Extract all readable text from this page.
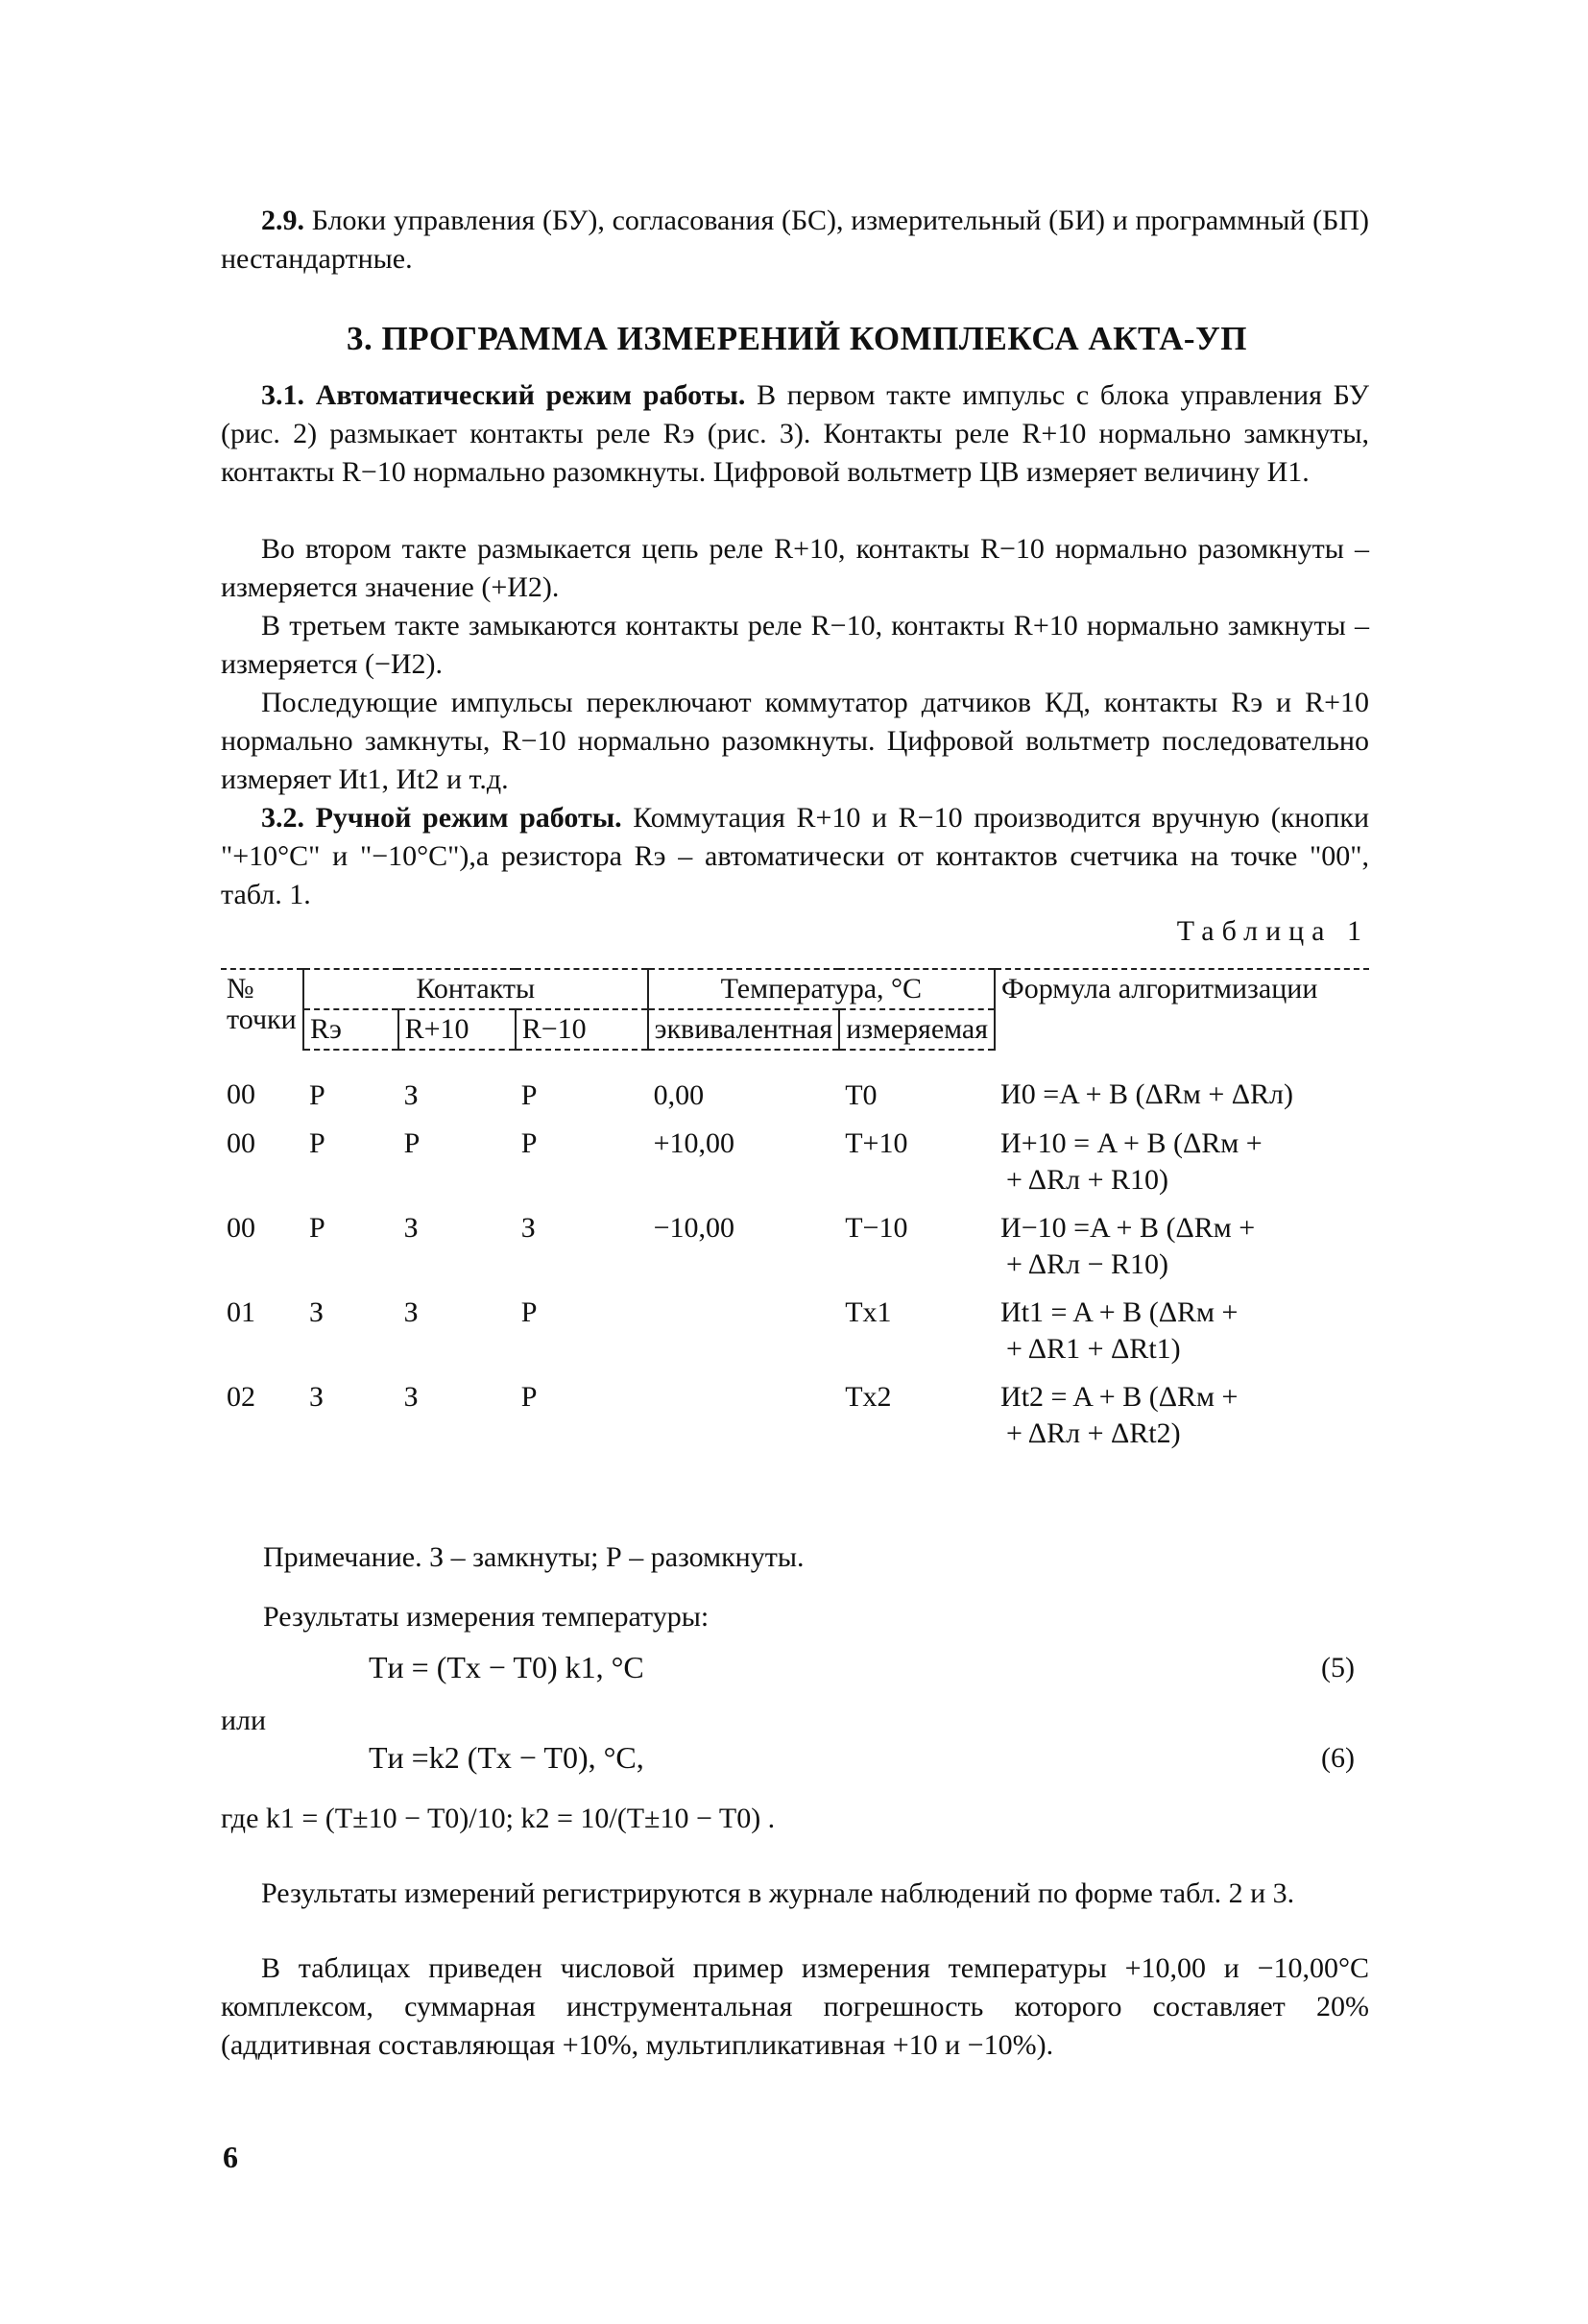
2.9. Блоки управления (БУ), согласования (БС), измерительный (БИ) и программный (БП) нестандартные.

3. ПРОГРАММА ИЗМЕРЕНИЙ КОМПЛЕКСА АКТА-УП

3.1. Автоматический режим работы. В первом такте импульс с блока управления БУ (рис. 2) размыкает контакты реле Rэ (рис. 3). Контакты реле R+10 нормально замкнуты, контакты R−10 нормально разомкнуты. Цифровой вольтметр ЦВ измеряет величину И1.

Во втором такте размыкается цепь реле R+10, контакты R−10 нормально разомкнуты – измеряется значение (+И2).

В третьем такте замыкаются контакты реле R−10, контакты R+10 нормально замкнуты – измеряется (−И2).

Последующие импульсы переключают коммутатор датчиков КД, контакты Rэ и R+10 нормально замкнуты, R−10 нормально разомкнуты. Цифровой вольтметр последовательно измеряет Иt1, Иt2 и т.д.

3.2. Ручной режим работы. Коммутация R+10 и R−10 производится вручную (кнопки "+10°C" и "−10°C"),а резистора Rэ – автоматически от контактов счетчика на точке "00", табл. 1.

Таблица 1
№ точки	Контакты			Температура, °C		Формула алгоритмизации
	Rэ	R+10	R−10	эквивалентная	измеряемая	
00	Р	З	Р	0,00	T0	И0 =A + B (ΔRм + ΔRл)

00	Р	Р	Р	+10,00	T+10	И+10 = A + B (ΔRм +
+ ΔRл + R10)

00	Р	З	З	−10,00	T−10	И−10 =A + B (ΔRм +
+ ΔRл − R10)

01	З	З	Р		Tx1	Иt1 = A + B (ΔRм +
+ ΔR1 + ΔRt1)

02	З	З	Р		Tx2	Иt2 = A + B (ΔRм +
+ ΔRл + ΔRt2)

Примечание. З – замкнуты; Р – разомкнуты.

Результаты измерения температуры:

Tи = (Tx − T0) k1, °C	(5)

или

Tи =k2 (Tx − T0), °C,	(6)

где k1 = (T±10 − T0)/10; k2 = 10/(T±10 − T0) .

Результаты измерений регистрируются в журнале наблюдений по форме табл. 2 и 3.

В таблицах приведен числовой пример измерения температуры +10,00 и −10,00°C комплексом, суммарная инструментальная погрешность которого составляет 20% (аддитивная составляющая +10%, мультипликативная +10 и −10%).

6
